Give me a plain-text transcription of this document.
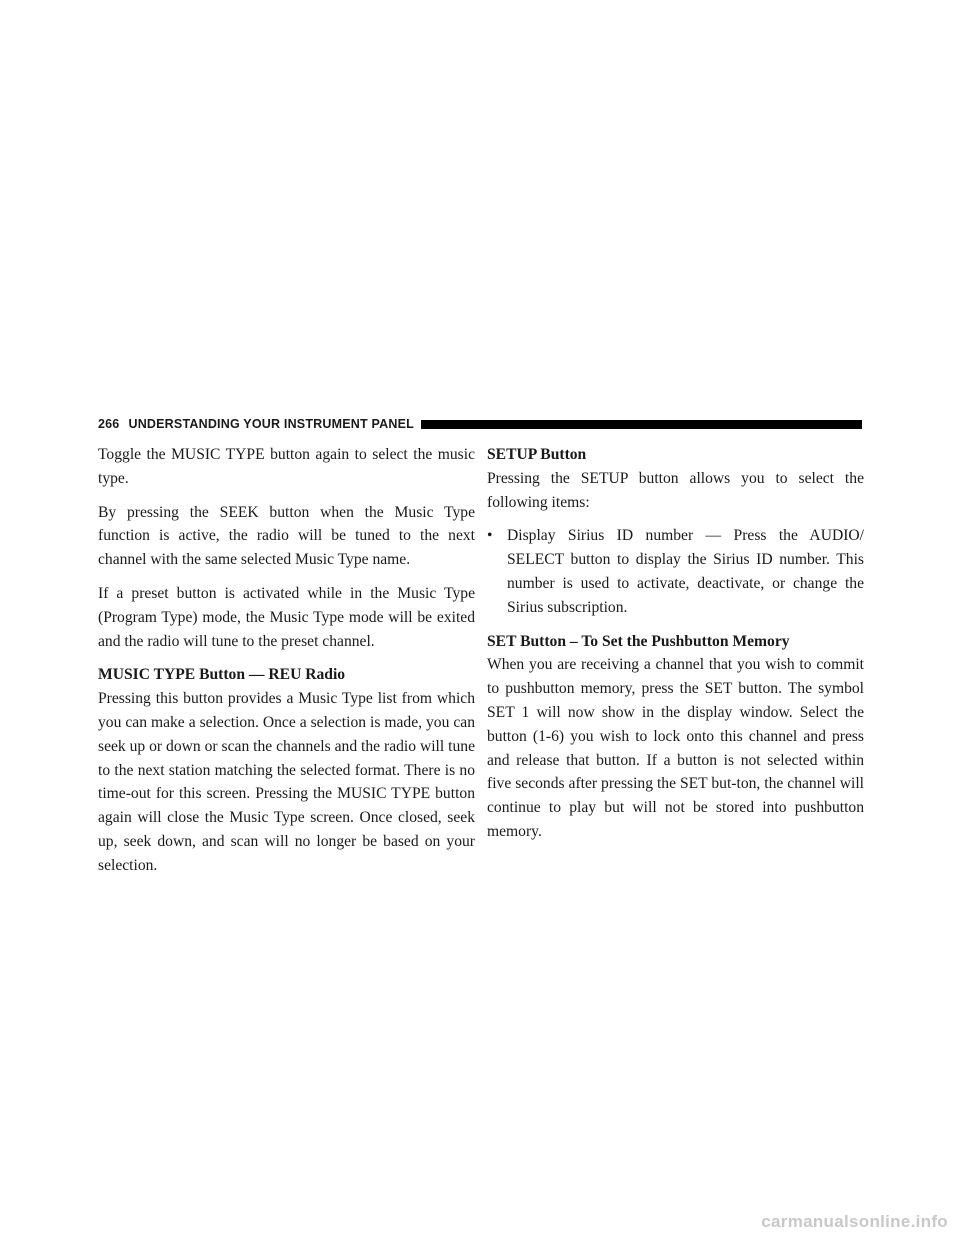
266 UNDERSTANDING YOUR INSTRUMENT PANEL

Toggle the MUSIC TYPE button again to select the music type.

By pressing the SEEK button when the Music Type function is active, the radio will be tuned to the next channel with the same selected Music Type name.

If a preset button is activated while in the Music Type (Program Type) mode, the Music Type mode will be exited and the radio will tune to the preset channel.

MUSIC TYPE Button — REU Radio

Pressing this button provides a Music Type list from which you can make a selection. Once a selection is made, you can seek up or down or scan the channels and the radio will tune to the next station matching the selected format. There is no time-out for this screen. Pressing the MUSIC TYPE button again will close the Music Type screen. Once closed, seek up, seek down, and scan will no longer be based on your selection.

SETUP Button

Pressing the SETUP button allows you to select the following items:

• Display Sirius ID number — Press the AUDIO/ SELECT button to display the Sirius ID number. This number is used to activate, deactivate, or change the Sirius subscription.
SET Button – To Set the Pushbutton Memory

When you are receiving a channel that you wish to commit to pushbutton memory, press the SET button. The symbol SET 1 will now show in the display window. Select the button (1-6) you wish to lock onto this channel and press and release that button. If a button is not selected within five seconds after pressing the SET but-ton, the channel will continue to play but will not be stored into pushbutton memory.

carmanualsonline.info
